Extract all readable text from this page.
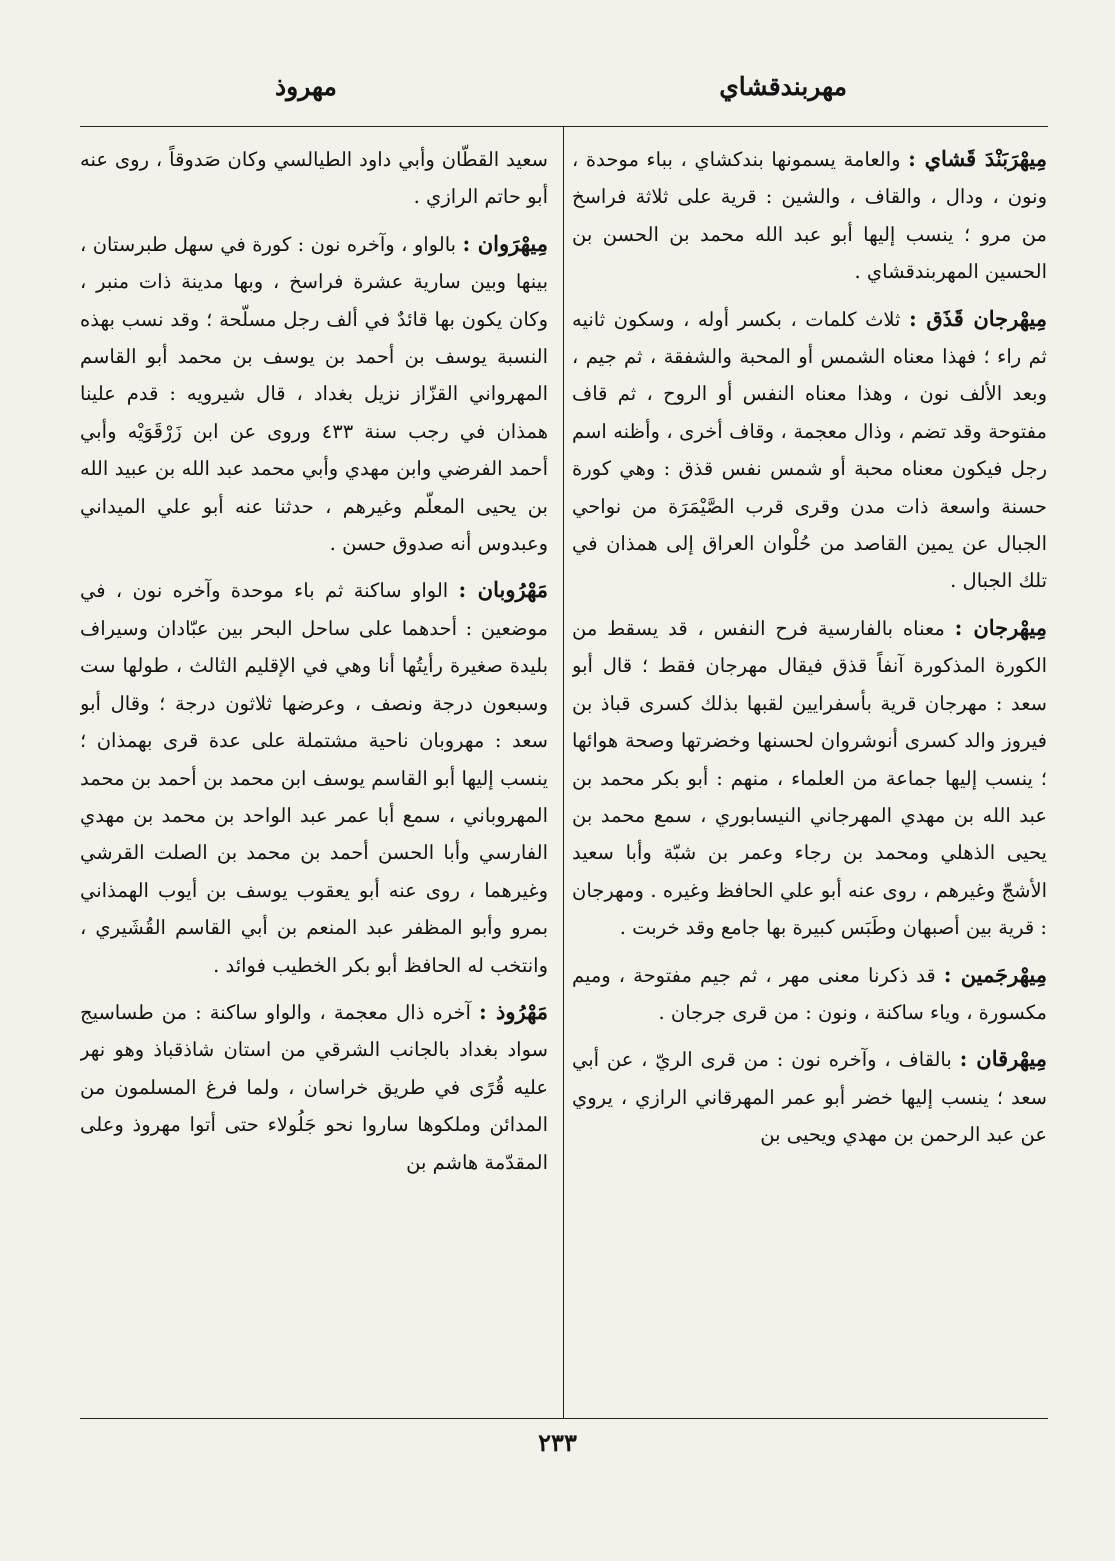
مهربندقشاي
مهروذ

مِيهْرَبَنْدَ قَشاي : والعامة يسمونها بندكشاي ، بباء موحدة ، ونون ، ودال ، والقاف ، والشين : قرية على ثلاثة فراسخ من مرو ؛ ينسب إليها أبو عبد الله محمد بن الحسن بن الحسين المهربندقشاي .

مِيهْرجان قَذَق : ثلاث كلمات ، بكسر أوله ، وسكون ثانيه ثم راء ؛ فهذا معناه الشمس أو المحبة والشفقة ، ثم جيم ، وبعد الألف نون ، وهذا معناه النفس أو الروح ، ثم قاف مفتوحة وقد تضم ، وذال معجمة ، وقاف أخرى ، وأظنه اسم رجل فيكون معناه محبة أو شمس نفس قذق : وهي كورة حسنة واسعة ذات مدن وقرى قرب الصَّيْمَرَة من نواحي الجبال عن يمين القاصد من حُلْوان العراق إلى همذان في تلك الجبال .

مِيهْرجان : معناه بالفارسية فرح النفس ، قد يسقط من الكورة المذكورة آنفاً قذق فيقال مهرجان فقط ؛ قال أبو سعد : مهرجان قرية بأسفرايين لقبها بذلك كسرى قباذ بن فيروز والد كسرى أنوشروان لحسنها وخضرتها وصحة هوائها ؛ ينسب إليها جماعة من العلماء ، منهم : أبو بكر محمد بن عبد الله بن مهدي المهرجاني النيسابوري ، سمع محمد بن يحيى الذهلي ومحمد بن رجاء وعمر بن شبّة وأبا سعيد الأشجّ وغيرهم ، روى عنه أبو علي الحافظ وغيره . ومهرجان : قرية بين أصبهان وطَبَس كبيرة بها جامع وقد خربت .

مِيهْرجَمين : قد ذكرنا معنى مهر ، ثم جيم مفتوحة ، وميم مكسورة ، وياء ساكنة ، ونون : من قرى جرجان .

مِيهْرقان : بالقاف ، وآخره نون : من قرى الريّ ، عن أبي سعد ؛ ينسب إليها خضر أبو عمر المهرقاني الرازي ، يروي عن عبد الرحمن بن مهدي ويحيى بن

سعيد القطّان وأبي داود الطيالسي وكان صَدوقاً ، روى عنه أبو حاتم الرازي .

مِيهْرَوان : بالواو ، وآخره نون : كورة في سهل طبرستان ، بينها وبين سارية عشرة فراسخ ، وبها مدينة ذات منبر ، وكان يكون بها قائدٌ في ألف رجل مسلّحة ؛ وقد نسب بهذه النسبة يوسف بن أحمد بن يوسف بن محمد أبو القاسم المهرواني القزّاز نزيل بغداد ، قال شيرويه : قدم علينا همذان في رجب سنة ٤٣٣ وروى عن ابن زَرْقَوَيْه وأبي أحمد الفرضي وابن مهدي وأبي محمد عبد الله بن عبيد الله بن يحيى المعلّم وغيرهم ، حدثنا عنه أبو علي الميداني وعبدوس أنه صدوق حسن .

مَهْرُوبان : الواو ساكنة ثم باء موحدة وآخره نون ، في موضعين : أحدهما على ساحل البحر بين عبّادان وسيراف بليدة صغيرة رأيتُها أنا وهي في الإقليم الثالث ، طولها ست وسبعون درجة ونصف ، وعرضها ثلاثون درجة ؛ وقال أبو سعد : مهروبان ناحية مشتملة على عدة قرى بهمذان ؛ ينسب إليها أبو القاسم يوسف ابن محمد بن أحمد بن محمد المهروباني ، سمع أبا عمر عبد الواحد بن محمد بن مهدي الفارسي وأبا الحسن أحمد بن محمد بن الصلت القرشي وغيرهما ، روى عنه أبو يعقوب يوسف بن أيوب الهمذاني بمرو وأبو المظفر عبد المنعم بن أبي القاسم القُشَيري ، وانتخب له الحافظ أبو بكر الخطيب فوائد .

مَهْرُوذ : آخره ذال معجمة ، والواو ساكنة : من طساسيج سواد بغداد بالجانب الشرقي من استان شاذقباذ وهو نهر عليه قُرًى في طريق خراسان ، ولما فرغ المسلمون من المدائن وملكوها ساروا نحو جَلُولاء حتى أتوا مهروذ وعلى المقدّمة هاشم بن

٢٣٣
